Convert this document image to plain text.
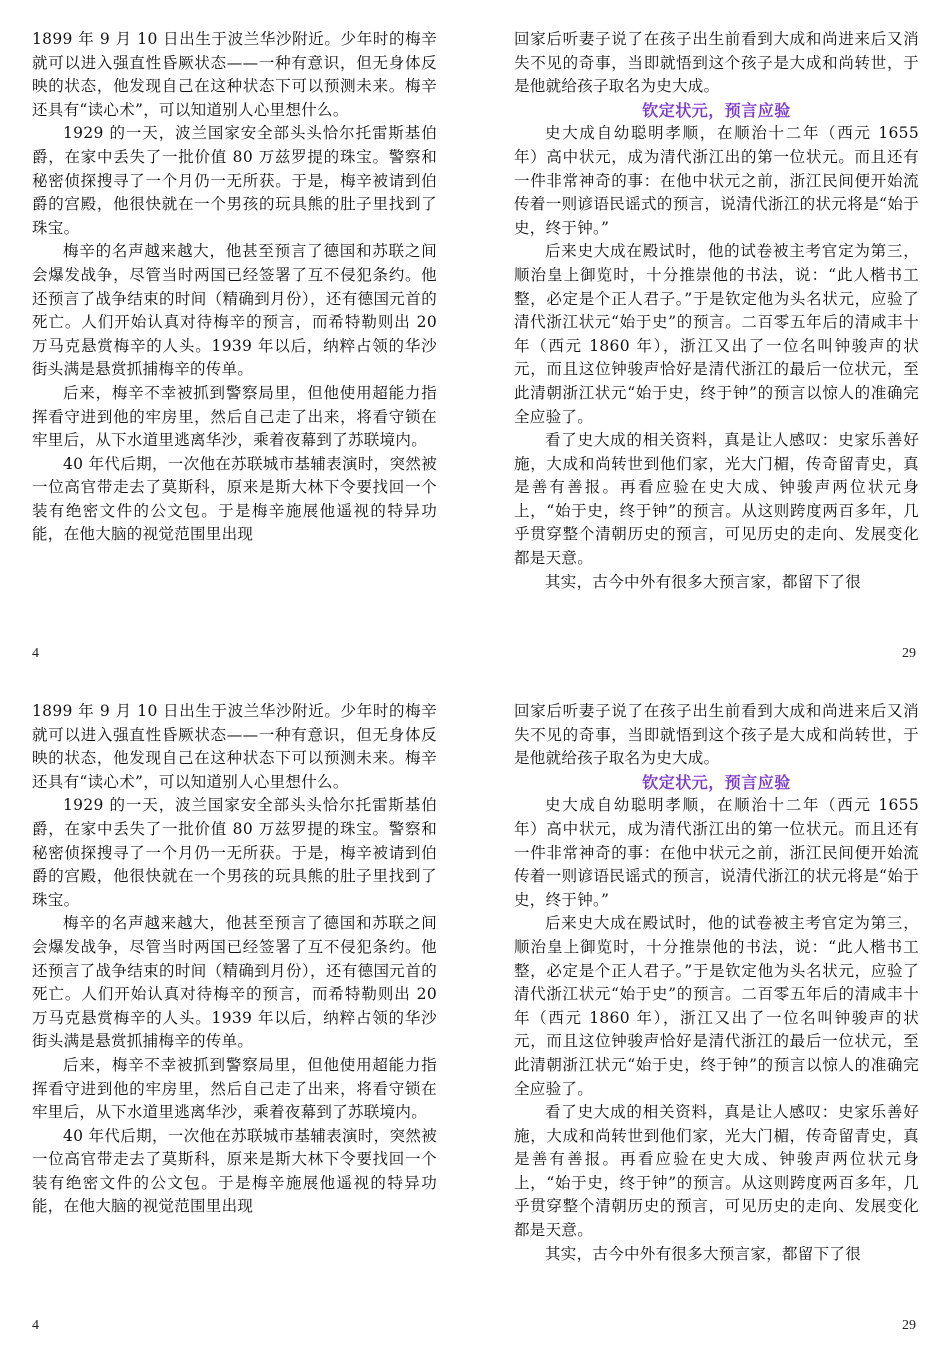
1899 年 9 月 10 日出生于波兰华沙附近。少年时的梅辛就可以进入强直性昏厥状态——一种有意识，但无身体反映的状态，他发现自己在这种状态下可以预测未来。梅辛还具有“读心术”，可以知道别人心里想什么。

1929 的一天，波兰国家安全部头头恰尔托雷斯基伯爵，在家中丢失了一批价值 80 万兹罗提的珠宝。警察和秘密侦探搜寻了一个月仍一无所获。于是，梅辛被请到伯爵的宫殿，他很快就在一个男孩的玩具熊的肚子里找到了珠宝。

梅辛的名声越来越大，他甚至预言了德国和苏联之间会爆发战争，尽管当时两国已经签署了互不侵犯条约。他还预言了战争结束的时间（精确到月份），还有德国元首的死亡。人们开始认真对待梅辛的预言，而希特勒则出 20 万马克悬赏梅辛的人头。1939 年以后，纳粹占领的华沙街头满是悬赏抓捕梅辛的传单。

后来，梅辛不幸被抓到警察局里，但他使用超能力指挥看守进到他的牢房里，然后自己走了出来，将看守锁在牢里后，从下水道里逃离华沙，乘着夜幕到了苏联境内。

40 年代后期，一次他在苏联城市基辅表演时，突然被一位高官带走去了莫斯科，原来是斯大林下令要找回一个装有绝密文件的公文包。于是梅辛施展他遥视的特异功能，在他大脑的视觉范围里出现

4

回家后听妻子说了在孩子出生前看到大成和尚进来后又消失不见的奇事，当即就悟到这个孩子是大成和尚转世，于是他就给孩子取名为史大成。

钦定状元，预言应验

史大成自幼聪明孝顺，在顺治十二年（西元 1655 年）高中状元，成为清代浙江出的第一位状元。而且还有一件非常神奇的事：在他中状元之前，浙江民间便开始流传着一则谚语民谣式的预言，说清代浙江的状元将是“始于史，终于钟。”

后来史大成在殿试时，他的试卷被主考官定为第三，顺治皇上御览时，十分推崇他的书法，说：“此人楷书工整，必定是个正人君子。”于是钦定他为头名状元，应验了清代浙江状元“始于史”的预言。二百零五年后的清咸丰十年（西元 1860 年），浙江又出了一位名叫钟骏声的状元，而且这位钟骏声恰好是清代浙江的最后一位状元，至此清朝浙江状元“始于史，终于钟”的预言以惊人的准确完全应验了。

看了史大成的相关资料，真是让人感叹：史家乐善好施，大成和尚转世到他们家，光大门楣，传奇留青史，真是善有善报。再看应验在史大成、钟骏声两位状元身上，“始于史，终于钟”的预言。从这则跨度两百多年，几乎贯穿整个清朝历史的预言，可见历史的走向、发展变化都是天意。

其实，古今中外有很多大预言家，都留下了很

29

1899 年 9 月 10 日出生于波兰华沙附近。少年时的梅辛就可以进入强直性昏厥状态——一种有意识，但无身体反映的状态，他发现自己在这种状态下可以预测未来。梅辛还具有“读心术”，可以知道别人心里想什么。

1929 的一天，波兰国家安全部头头恰尔托雷斯基伯爵，在家中丢失了一批价值 80 万兹罗提的珠宝。警察和秘密侦探搜寻了一个月仍一无所获。于是，梅辛被请到伯爵的宫殿，他很快就在一个男孩的玩具熊的肚子里找到了珠宝。

梅辛的名声越来越大，他甚至预言了德国和苏联之间会爆发战争，尽管当时两国已经签署了互不侵犯条约。他还预言了战争结束的时间（精确到月份），还有德国元首的死亡。人们开始认真对待梅辛的预言，而希特勒则出 20 万马克悬赏梅辛的人头。1939 年以后，纳粹占领的华沙街头满是悬赏抓捕梅辛的传单。

后来，梅辛不幸被抓到警察局里，但他使用超能力指挥看守进到他的牢房里，然后自己走了出来，将看守锁在牢里后，从下水道里逃离华沙，乘着夜幕到了苏联境内。

40 年代后期，一次他在苏联城市基辅表演时，突然被一位高官带走去了莫斯科，原来是斯大林下令要找回一个装有绝密文件的公文包。于是梅辛施展他遥视的特异功能，在他大脑的视觉范围里出现

4

回家后听妻子说了在孩子出生前看到大成和尚进来后又消失不见的奇事，当即就悟到这个孩子是大成和尚转世，于是他就给孩子取名为史大成。

钦定状元，预言应验

史大成自幼聪明孝顺，在顺治十二年（西元 1655 年）高中状元，成为清代浙江出的第一位状元。而且还有一件非常神奇的事：在他中状元之前，浙江民间便开始流传着一则谚语民谣式的预言，说清代浙江的状元将是“始于史，终于钟。”

后来史大成在殿试时，他的试卷被主考官定为第三，顺治皇上御览时，十分推崇他的书法，说：“此人楷书工整，必定是个正人君子。”于是钦定他为头名状元，应验了清代浙江状元“始于史”的预言。二百零五年后的清咸丰十年（西元 1860 年），浙江又出了一位名叫钟骏声的状元，而且这位钟骏声恰好是清代浙江的最后一位状元，至此清朝浙江状元“始于史，终于钟”的预言以惊人的准确完全应验了。

看了史大成的相关资料，真是让人感叹：史家乐善好施，大成和尚转世到他们家，光大门楣，传奇留青史，真是善有善报。再看应验在史大成、钟骏声两位状元身上，“始于史，终于钟”的预言。从这则跨度两百多年，几乎贯穿整个清朝历史的预言，可见历史的走向、发展变化都是天意。

其实，古今中外有很多大预言家，都留下了很

29
